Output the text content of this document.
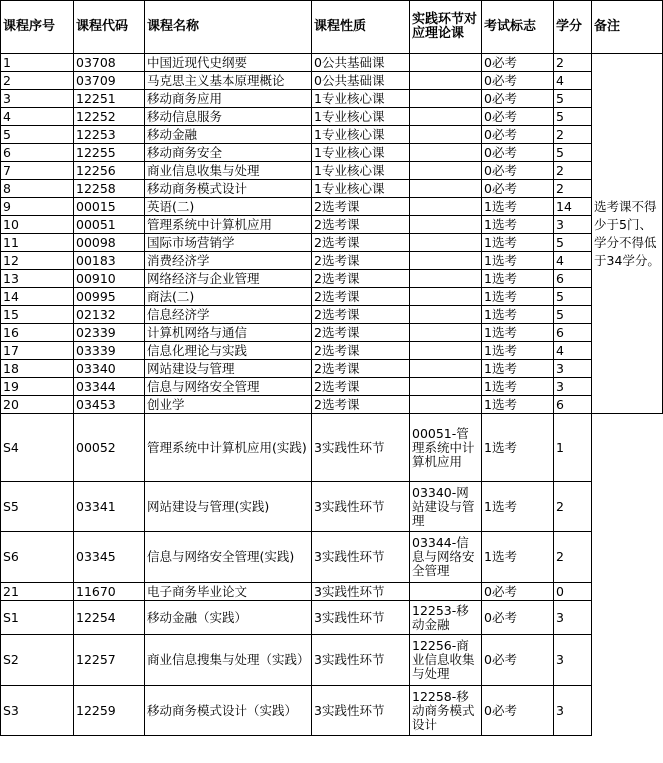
课程序号	课程代码	课程名称	课程性质	实践环节对应理论课	考试标志	学分	备注
1	03708	中国近现代史纲要	0公共基础课		0必考	2	选考课不得少于5门、学分不得低于34学分。
2	03709	马克思主义基本原理概论	0公共基础课		0必考	4	
3	12251	移动商务应用	1专业核心课		0必考	5	
4	12252	移动信息服务	1专业核心课		0必考	5	
5	12253	移动金融	1专业核心课		0必考	2	
6	12255	移动商务安全	1专业核心课		0必考	5	
7	12256	商业信息收集与处理	1专业核心课		0必考	2	
8	12258	移动商务模式设计	1专业核心课		0必考	2	
9	00015	英语(二)	2选考课		1选考	14	
10	00051	管理系统中计算机应用	2选考课		1选考	3	
11	00098	国际市场营销学	2选考课		1选考	5	
12	00183	消费经济学	2选考课		1选考	4	
13	00910	网络经济与企业管理	2选考课		1选考	6	
14	00995	商法(二)	2选考课		1选考	5	
15	02132	信息经济学	2选考课		1选考	5	
16	02339	计算机网络与通信	2选考课		1选考	6	
17	03339	信息化理论与实践	2选考课		1选考	4	
18	03340	网站建设与管理	2选考课		1选考	3	
19	03344	信息与网络安全管理	2选考课		1选考	3	
20	03453	创业学	2选考课		1选考	6	
S4	00052	管理系统中计算机应用(实践)	3实践性环节	00051-管理系统中计算机应用	1选考	1	
S5	03341	网站建设与管理(实践)	3实践性环节	03340-网站建设与管理	1选考	2	
S6	03345	信息与网络安全管理(实践)	3实践性环节	03344-信息与网络安全管理	1选考	2	
21	11670	电子商务毕业论文	3实践性环节		0必考	0	
S1	12254	移动金融（实践）	3实践性环节	12253-移动金融	0必考	3	
S2	12257	商业信息搜集与处理（实践）	3实践性环节	12256-商业信息收集与处理	0必考	3	
S3	12259	移动商务模式设计（实践）	3实践性环节	12258-移动商务模式设计	0必考	3	
